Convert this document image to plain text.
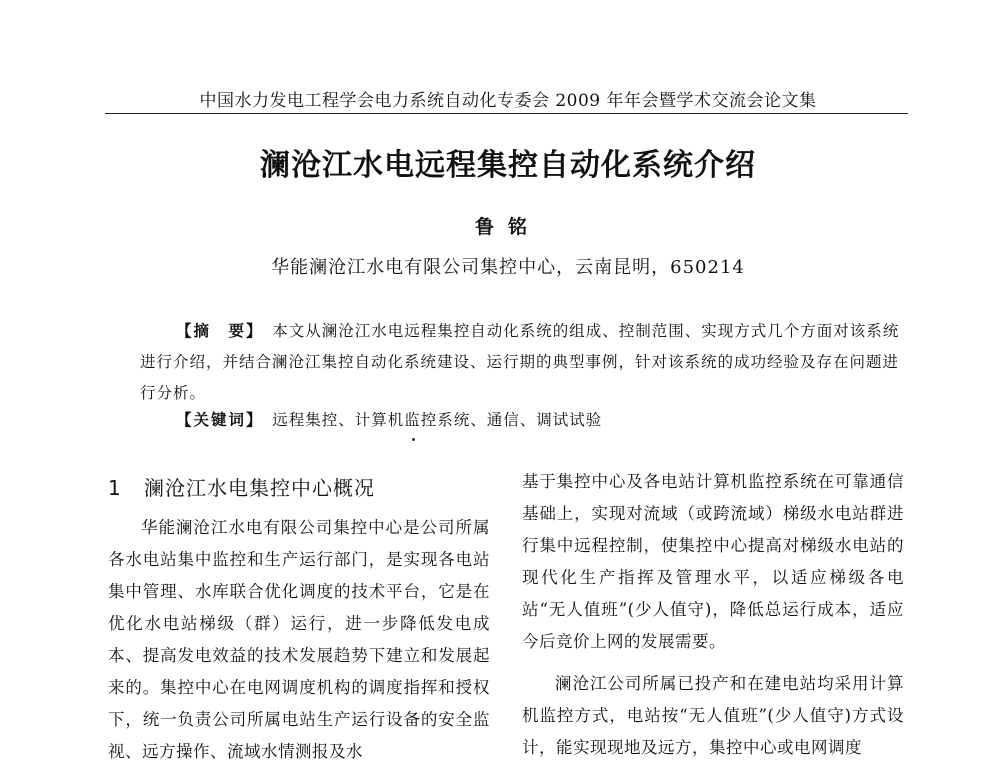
中国水力发电工程学会电力系统自动化专委会 2009 年年会暨学术交流会论文集
澜沧江水电远程集控自动化系统介绍
鲁铭
华能澜沧江水电有限公司集控中心，云南昆明，650214

【摘　要】　 本文从澜沧江水电远程集控自动化系统的组成、控制范围、实现方式几个方面对该系统进行介绍，并结合澜沧江集控自动化系统建设、运行期的典型事例，针对该系统的成功经验及存在问题进行分析。

【关键词】　 远程集控、计算机监控系统、通信、调试试验

1 澜沧江水电集控中心概况

华能澜沧江水电有限公司集控中心是公司所属各水电站集中监控和生产运行部门，是实现各电站集中管理、水库联合优化调度的技术平台，它是在优化水电站梯级（群）运行，进一步降低发电成本、提高发电效益的技术发展趋势下建立和发展起来的。集控中心在电网调度机构的调度指挥和授权下，统一负责公司所属电站生产运行设备的安全监视、远方操作、流域水情测报及水

基于集控中心及各电站计算机监控系统在可靠通信基础上，实现对流域（或跨流域）梯级水电站群进行集中远程控制，使集控中心提高对梯级水电站的现代化生产指挥及管理水平，以适应梯级各电站“无人值班”(少人值守)，降低总运行成本，适应今后竞价上网的发展需要。

澜沧江公司所属已投产和在建电站均采用计算机监控方式，电站按“无人值班”(少人值守)方式设计，能实现现地及远方，集控中心或电网调度
